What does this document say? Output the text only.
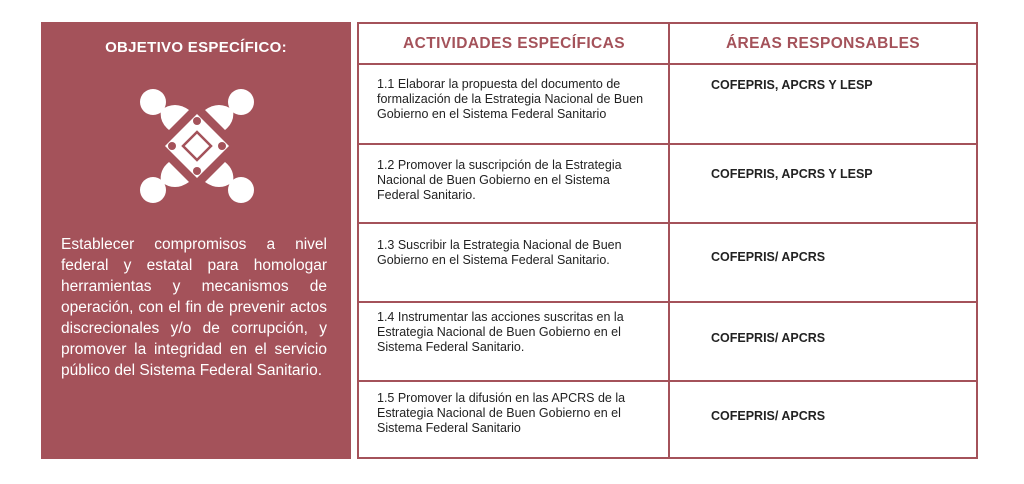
OBJETIVO ESPECÍFICO:
Establecer compromisos a nivel federal y estatal para homologar herramientas y mecanismos de operación, con el fin de prevenir actos discrecionales y/o de corrupción, y promover la integridad en el servicio público del Sistema Federal Sanitario.
ACTIVIDADES ESPECÍFICAS	ÁREAS RESPONSABLES
1.1 Elaborar la propuesta del documento de formalización de la Estrategia Nacional de Buen Gobierno en el Sistema Federal Sanitario
COFEPRIS, APCRS Y LESP
1.2 Promover la suscripción de la Estrategia Nacional de Buen Gobierno en el Sistema Federal Sanitario.
COFEPRIS, APCRS Y LESP
1.3 Suscribir la Estrategia Nacional de Buen Gobierno en el Sistema Federal Sanitario.	COFEPRIS/ APCRS
1.4 Instrumentar las acciones suscritas en la Estrategia Nacional de Buen Gobierno en el Sistema Federal Sanitario.
COFEPRIS/ APCRS
1.5 Promover la difusión en las APCRS de la Estrategia Nacional de Buen Gobierno en el Sistema Federal Sanitario
COFEPRIS/ APCRS
